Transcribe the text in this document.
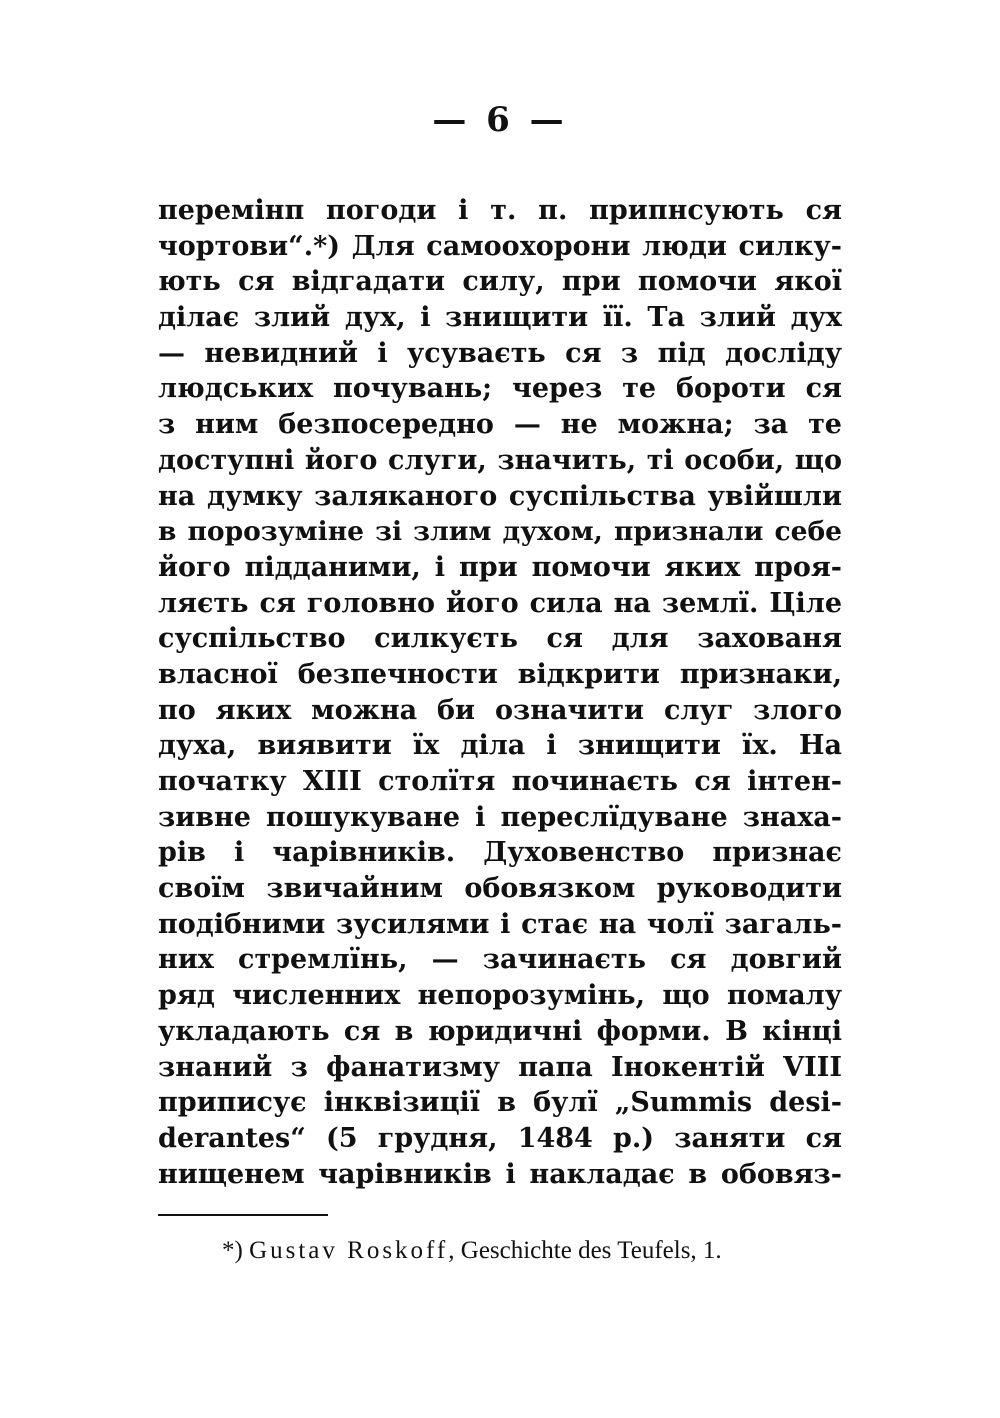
— 6 —
перемінп погоди і т. п. припнсують ся
чортови“.*) Для самоохорони люди силку-
ють ся відгадати силу, при помочи якої
ділає злий дух, і знищити її. Та злий дух
— невидний і усуваєть ся з під досліду
людських почувань; через те бороти ся
з ним безпосередно — не можна; за те
доступні його слуги, значить, ті особи, що
на думку заляканого суспільства увійшли
в порозуміне зі злим духом, признали себе
його підданими, і при помочи яких проя-
ляєть ся головно його сила на землї. Ціле
суспільство силкуєть ся для захованя
власної безпечности відкрити признаки,
по яких можна би означити слуг злого
духа, виявити їх діла і знищити їх. На
початку XIII столїтя починаєть ся інтен-
зивне пошукуване і переслїдуване знаха-
рів і чарівників. Духовенство признає
своїм звичайним обовязком руководити
подібними зусилями і стає на чолї загаль-
них стремлїнь, — зачинаєть ся довгий
ряд численних непорозумінь, що помалу
укладають ся в юридичні форми. В кінці
знаний з фанатизму папа Інокентій VIII
приписує інквізиції в булї „Summis desi-
derantes“ (5 грудня, 1484 р.) заняти ся
нищенем чарівників і накладає в обовяз-
*) Gustav Roskoff, Geschichte des Teufels, 1.
